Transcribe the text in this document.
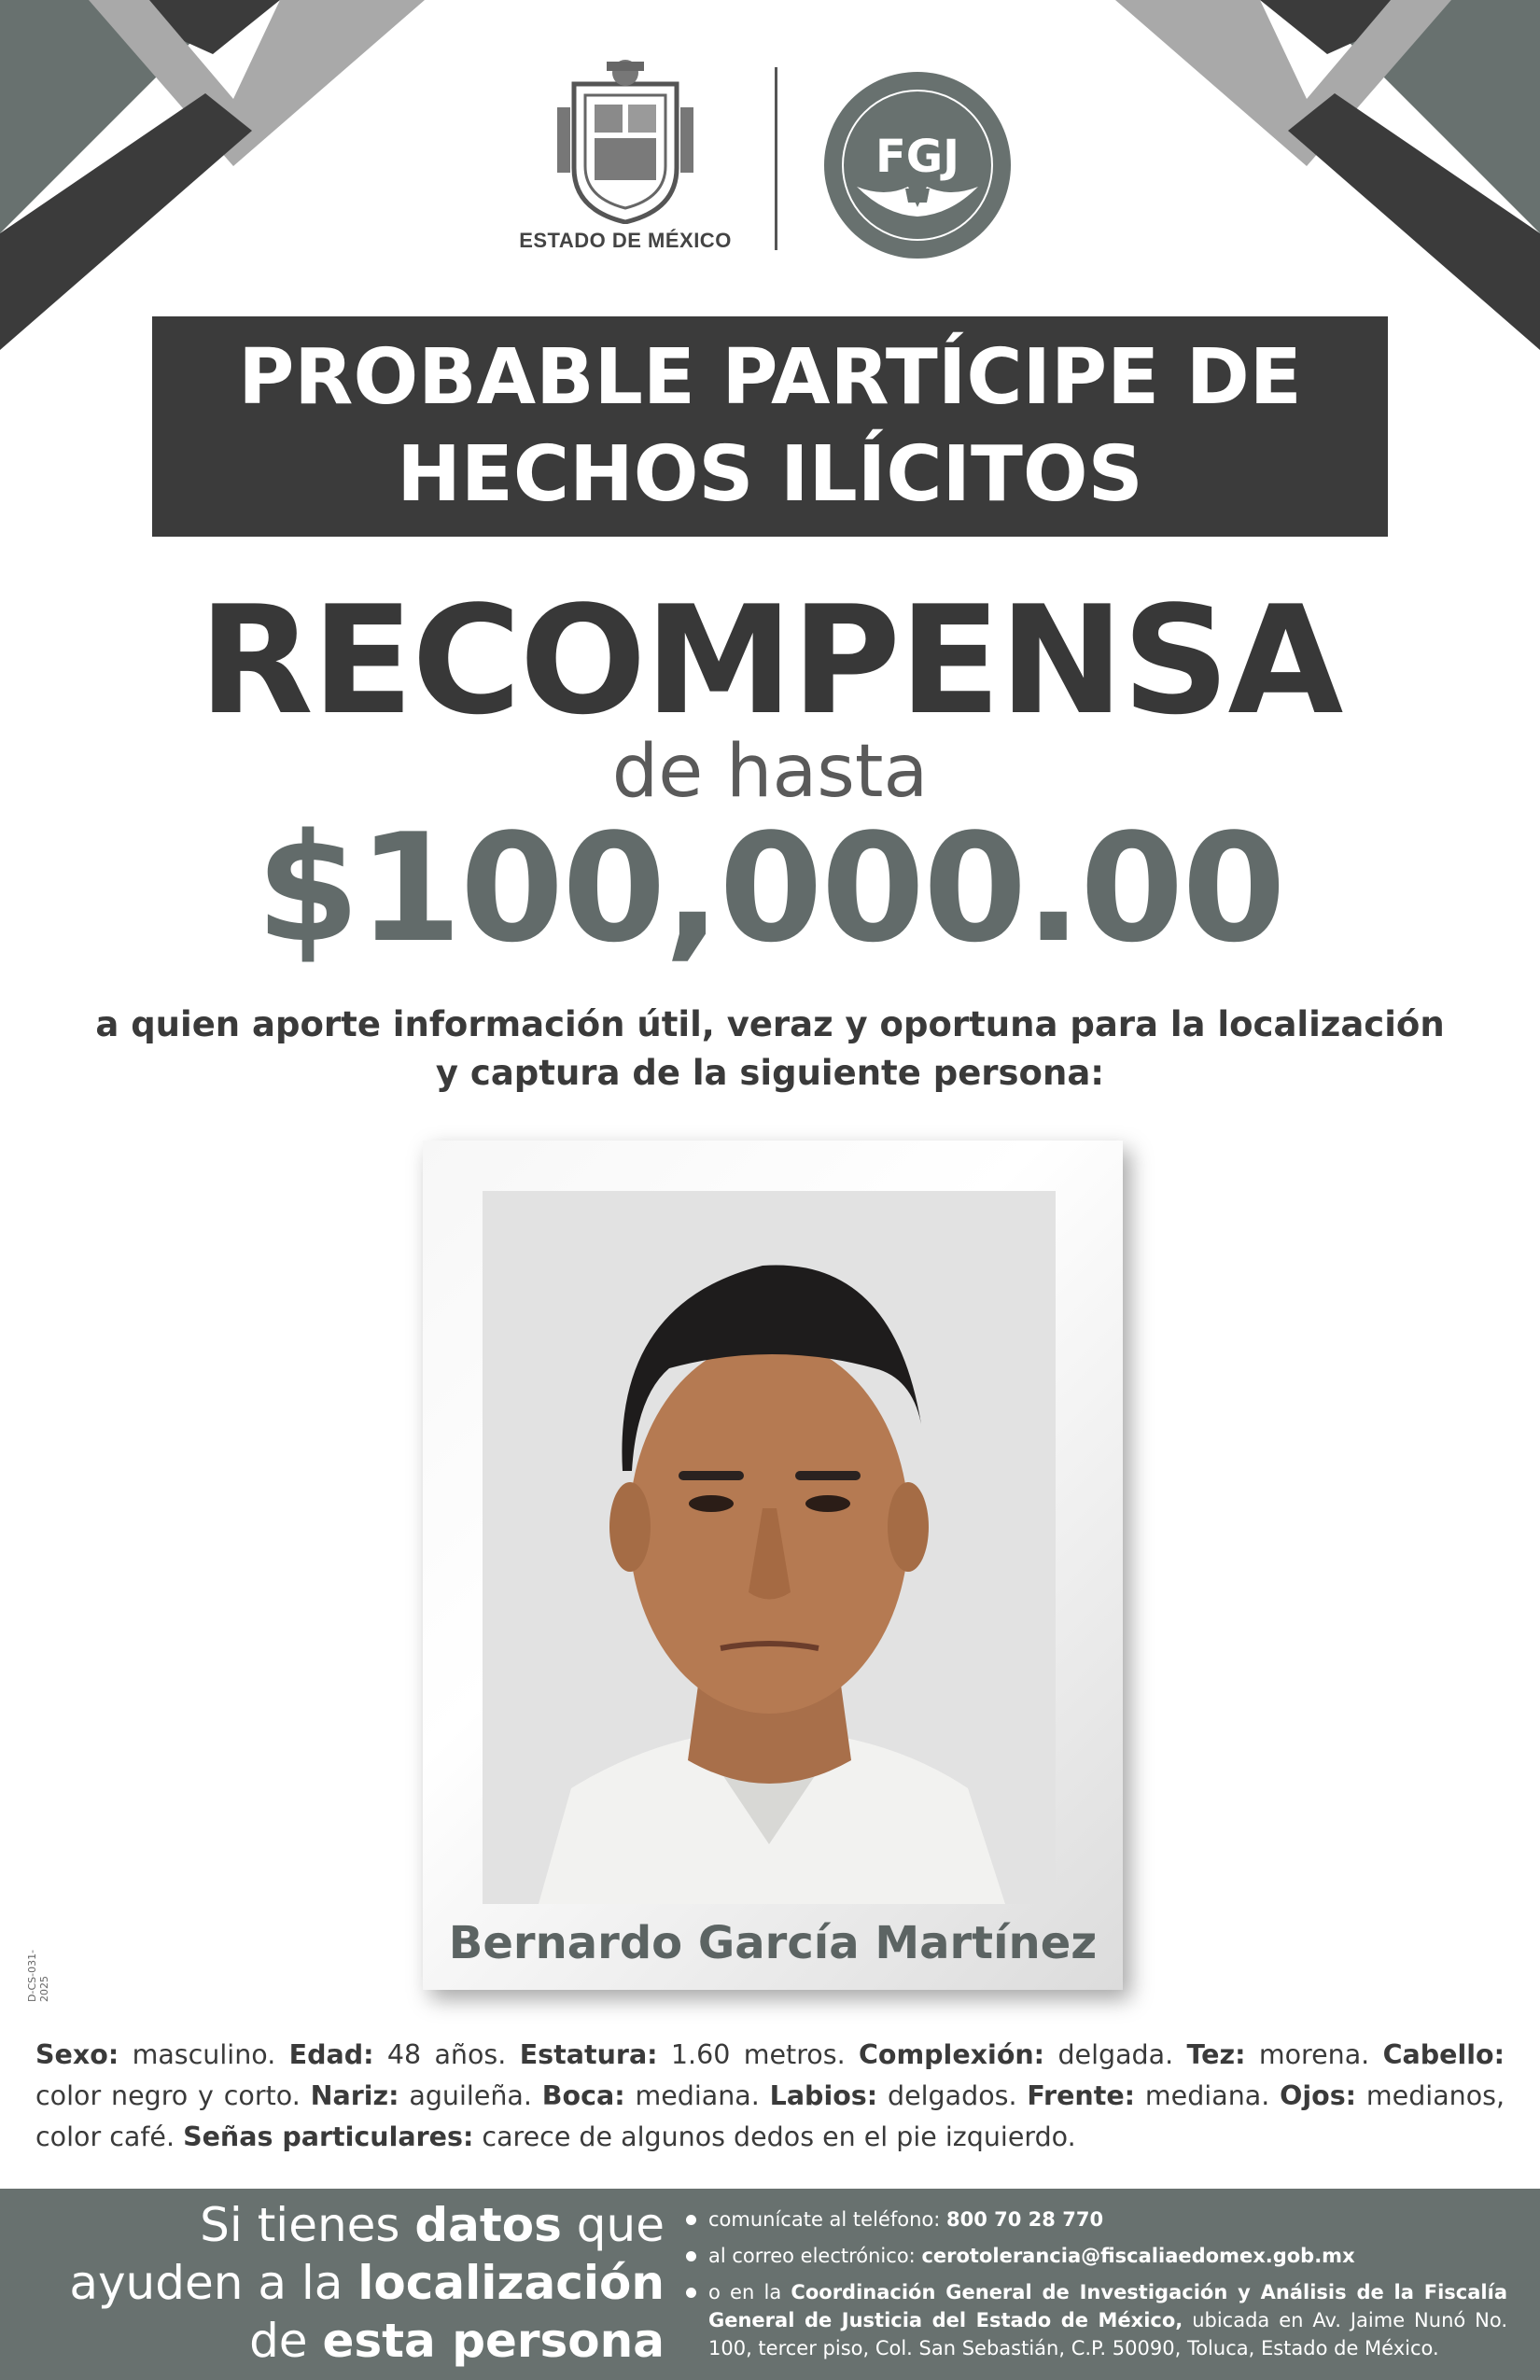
ESTADO DE MÉXICO
FGJ
PROBABLE PARTÍCIPE DE
HECHOS ILÍCITOS
RECOMPENSA
de hasta
$100,000.00
a quien aporte información útil, veraz y oportuna para la localización
y captura de la siguiente persona:
Bernardo García Martínez
D-CS-031-2025
Sexo: masculino. Edad: 48 años. Estatura: 1.60 metros. Complexión: delgada. Tez: morena. Cabello: color negro y corto. Nariz: aguileña. Boca: mediana. Labios: delgados. Frente: mediana. Ojos: medianos, color café. Señas particulares: carece de algunos dedos en el pie izquierdo.
Si tienes datos que
ayuden a la localización
de esta persona
comunícate al teléfono: 800 70 28 770
al correo electrónico: cerotolerancia@fiscaliaedomex.gob.mx
o en la Coordinación General de Investigación y Análisis de la Fiscalía General de Justicia del Estado de México, ubicada en Av. Jaime Nunó No. 100, tercer piso, Col. San Sebastián, C.P. 50090, Toluca, Estado de México.
